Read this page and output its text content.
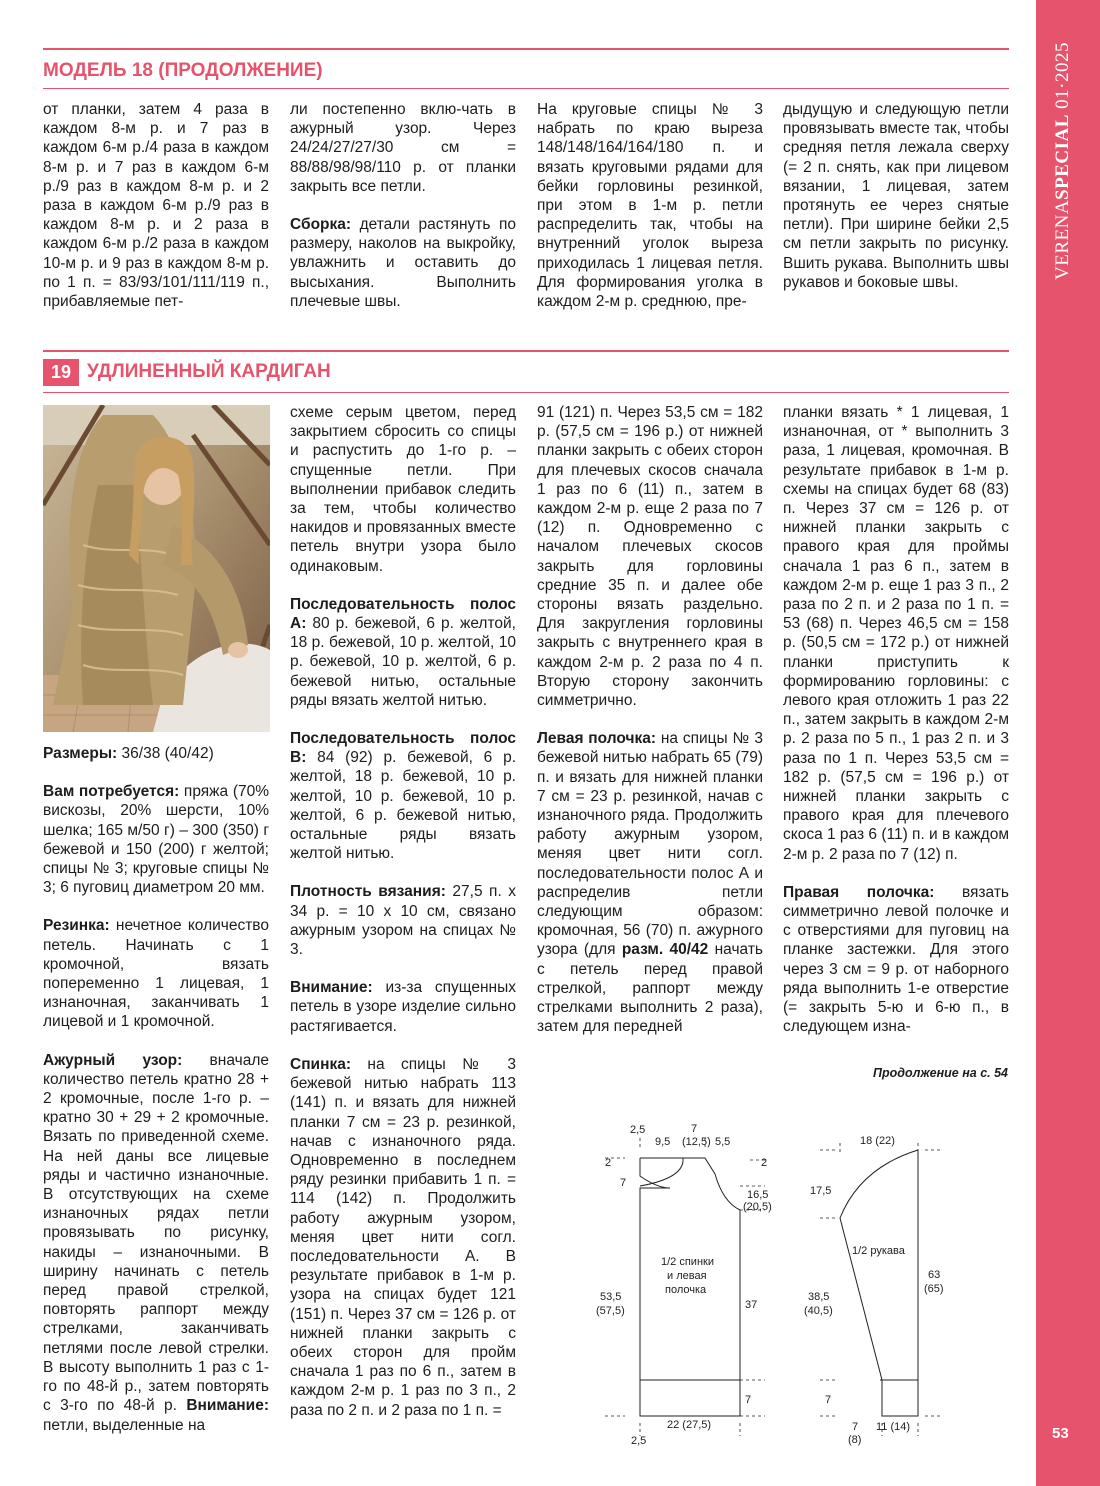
VERENASPECIAL 01·2025
53
МОДЕЛЬ 18 (ПРОДОЛЖЕНИЕ)

от планки, затем 4 раза в каждом 8-м р. и 7 раз в каждом 6-м р./4 раза в каждом 8-м р. и 7 раз в каждом 6-м р./9 раз в каждом 8-м р. и 2 раза в каждом 6-м р./9 раз в каждом 8-м р. и 2 раза в каждом 6-м р./2 раза в каждом 10-м р. и 9 раз в каждом 8-м р. по 1 п. = 83/93/101/111/119 п., прибавляемые пет-

ли постепенно вклю-чать в ажурный узор. Через 24/24/27/27/30 см = 88/88/98/98/110 р. от планки закрыть все петли.

Сборка: детали растянуть по размеру, наколов на выкройку, увлажнить и оставить до высыхания. Выполнить плечевые швы.

На круговые спицы № 3 набрать по краю выреза 148/148/164/164/180 п. и вязать круговыми рядами для бейки горловины резинкой, при этом в 1-м р. петли распределить так, чтобы на внутренний уголок выреза приходилась 1 лицевая петля. Для формирования уголка в каждом 2-м р. среднюю, пре-

дыдущую и следующую петли провязывать вместе так, чтобы средняя петля лежала сверху (= 2 п. снять, как при лицевом вязании, 1 лицевая, затем протянуть ее через снятые петли). При ширине бейки 2,5 см петли закрыть по рисунку. Вшить рукава. Выполнить швы рукавов и боковые швы.

19 УДЛИНЕННЫЙ КАРДИГАН

Размеры: 36/38 (40/42)

Вам потребуется: пряжа (70% вискозы, 20% шерсти, 10% шелка; 165 м/50 г) – 300 (350) г бежевой и 150 (200) г желтой; спицы № 3; круговые спицы № 3; 6 пуговиц диаметром 20 мм.

Резинка: нечетное количество петель. Начинать с 1 кромочной, вязать попеременно 1 лицевая, 1 изнаночная, заканчивать 1 лицевой и 1 кромочной.

Ажурный узор: вначале количество петель кратно 28 + 2 кромочные, после 1-го р. – кратно 30 + 29 + 2 кромочные. Вязать по приведенной схеме. На ней даны все лицевые ряды и частично изнаночные. В отсутствующих на схеме изнаночных рядах петли провязывать по рисунку, накиды – изнаночными. В ширину начинать с петель перед правой стрелкой, повторять раппорт между стрелками, заканчивать петлями после левой стрелки. В высоту выполнить 1 раз с 1-го по 48-й р., затем повторять с 3-го по 48-й р. Внимание: петли, выделенные на

схеме серым цветом, перед закрытием сбросить со спицы и распустить до 1-го р. – спущенные петли. При выполнении прибавок следить за тем, чтобы количество накидов и провязанных вместе петель внутри узора было одинаковым.

Последовательность полос А: 80 р. бежевой, 6 р. желтой, 18 р. бежевой, 10 р. желтой, 10 р. бежевой, 10 р. желтой, 6 р. бежевой нитью, остальные ряды вязать желтой нитью.

Последовательность полос В: 84 (92) р. бежевой, 6 р. желтой, 18 р. бежевой, 10 р. желтой, 10 р. бежевой, 10 р. желтой, 6 р. бежевой нитью, остальные ряды вязать желтой нитью.

Плотность вязания: 27,5 п. х 34 р. = 10 х 10 см, связано ажурным узором на спицах № 3.

Внимание: из-за спущенных петель в узоре изделие сильно растягивается.

Спинка: на спицы № 3 бежевой нитью набрать 113 (141) п. и вязать для нижней планки 7 см = 23 р. резинкой, начав с изнаночного ряда. Одновременно в последнем ряду резинки прибавить 1 п. = 114 (142) п. Продолжить работу ажурным узором, меняя цвет нити согл. последовательности А. В результате прибавок в 1-м р. узора на спицах будет 121 (151) п. Через 37 см = 126 р. от нижней планки закрыть с обеих сторон для пройм сначала 1 раз по 6 п., затем в каждом 2-м р. 1 раз по 3 п., 2 раза по 2 п. и 2 раза по 1 п. =

91 (121) п. Через 53,5 см = 182 р. (57,5 см = 196 р.) от нижней планки закрыть с обеих сторон для плечевых скосов сначала 1 раз по 6 (11) п., затем в каждом 2-м р. еще 2 раза по 7 (12) п. Одновременно с началом плечевых скосов закрыть для горловины средние 35 п. и далее обе стороны вязать раздельно. Для закругления горловины закрыть с внутреннего края в каждом 2-м р. 2 раза по 4 п. Вторую сторону закончить симметрично.

Левая полочка: на спицы № 3 бежевой нитью набрать 65 (79) п. и вязать для нижней планки 7 см = 23 р. резинкой, начав с изнаночного ряда. Продолжить работу ажурным узором, меняя цвет нити согл. последовательности полос А и распределив петли следующим образом: кромочная, 56 (70) п. ажурного узора (для разм. 40/42 начать с петель перед правой стрелкой, раппорт между стрелками выполнить 2 раза), затем для передней

планки вязать * 1 лицевая, 1 изнаночная, от * выполнить 3 раза, 1 лицевая, кромочная. В результате прибавок в 1-м р. схемы на спицах будет 68 (83) п. Через 37 см = 126 р. от нижней планки закрыть с правого края для проймы сначала 1 раз 6 п., затем в каждом 2-м р. еще 1 раз 3 п., 2 раза по 2 п. и 2 раза по 1 п. = 53 (68) п. Через 46,5 см = 158 р. (50,5 см = 172 р.) от нижней планки приступить к формированию горловины: с левого края отложить 1 раз 22 п., затем закрыть в каждом 2-м р. 2 раза по 5 п., 1 раз 2 п. и 3 раза по 1 п. Через 53,5 см = 182 р. (57,5 см = 196 р.) от нижней планки закрыть с правого края для плечевого скоса 1 раз 6 (11) п. и в каждом 2-м р. 2 раза по 7 (12) п.

Правая полочка: вязать симметрично левой полочке и с отверстиями для пуговиц на планке застежки. Для этого через 3 см = 9 р. от наборного ряда выполнить 1-е отверстие (= закрыть 5-ю и 6-ю п., в следующем изна-

Продолжение на с. 54
2,5
9,5
7
(12,5) 5,5
2	2
7
16,5
(20,5)
1/2 спинки
и левая
полочка
53,5
(57,5)	37
7
22 (27,5)
2,5
18 (22)
17,5
1/2 рукава
63
(65)
38,5
(40,5)
7
7
(8)
11 (14)
